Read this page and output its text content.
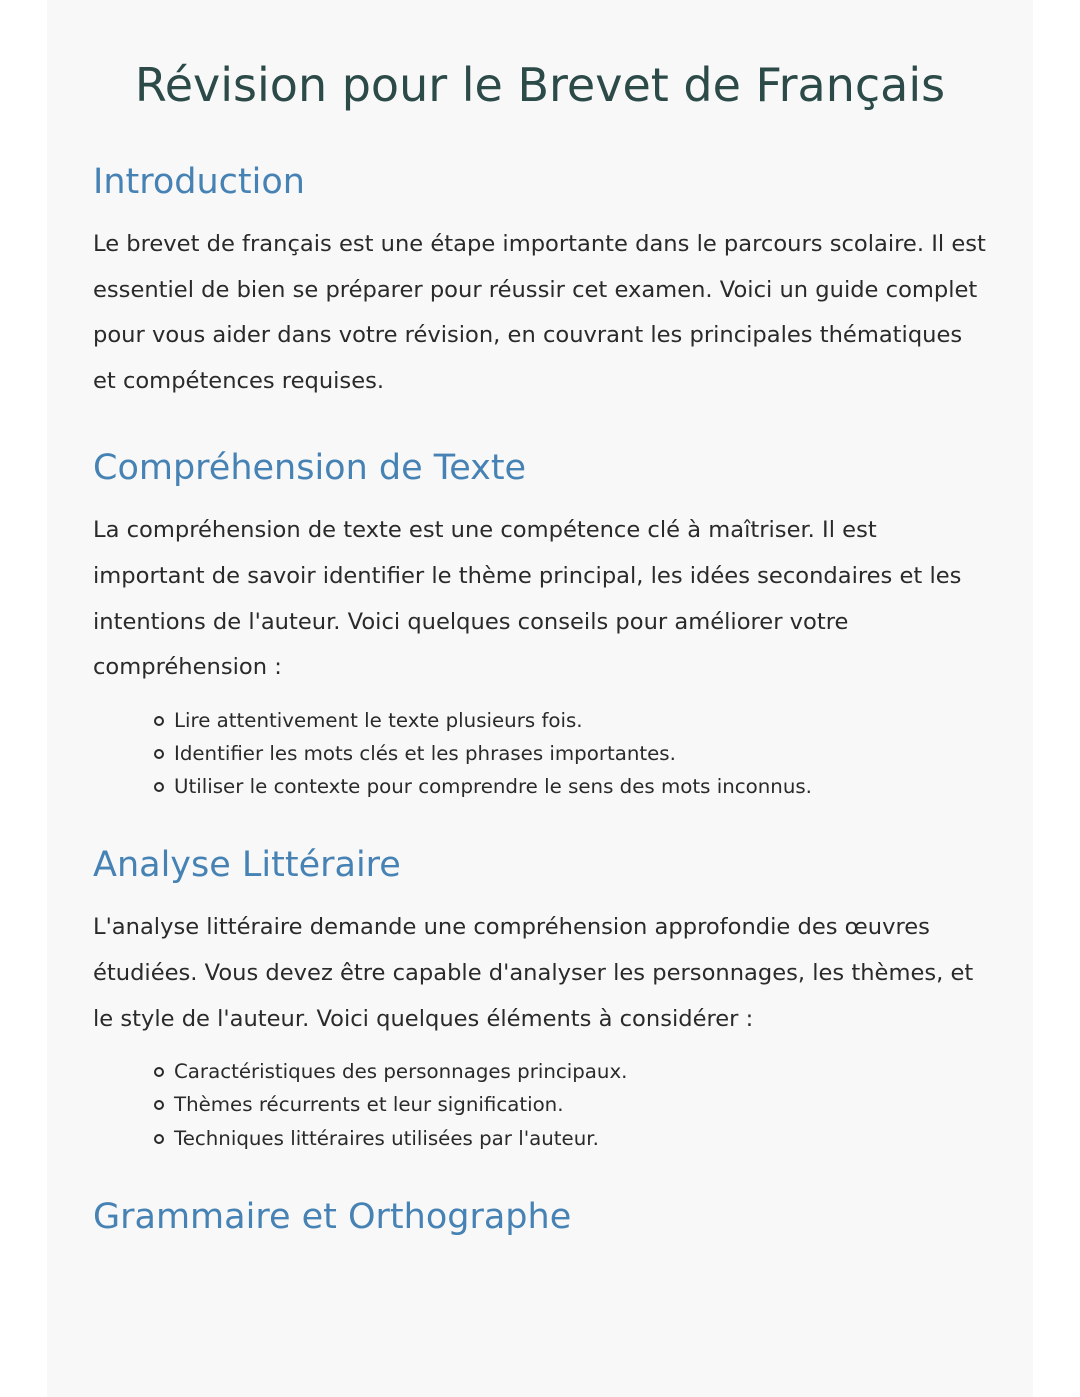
Révision pour le Brevet de Français
Introduction

Le brevet de français est une étape importante dans le parcours scolaire. Il est essentiel de bien se préparer pour réussir cet examen. Voici un guide complet pour vous aider dans votre révision, en couvrant les principales thématiques et compétences requises.

Compréhension de Texte

La compréhension de texte est une compétence clé à maîtriser. Il est important de savoir identifier le thème principal, les idées secondaires et les intentions de l'auteur. Voici quelques conseils pour améliorer votre compréhension :

Lire attentivement le texte plusieurs fois.
Identifier les mots clés et les phrases importantes.
Utiliser le contexte pour comprendre le sens des mots inconnus.
Analyse Littéraire

L'analyse littéraire demande une compréhension approfondie des œuvres étudiées. Vous devez être capable d'analyser les personnages, les thèmes, et le style de l'auteur. Voici quelques éléments à considérer :

Caractéristiques des personnages principaux.
Thèmes récurrents et leur signification.
Techniques littéraires utilisées par l'auteur.
Grammaire et Orthographe
